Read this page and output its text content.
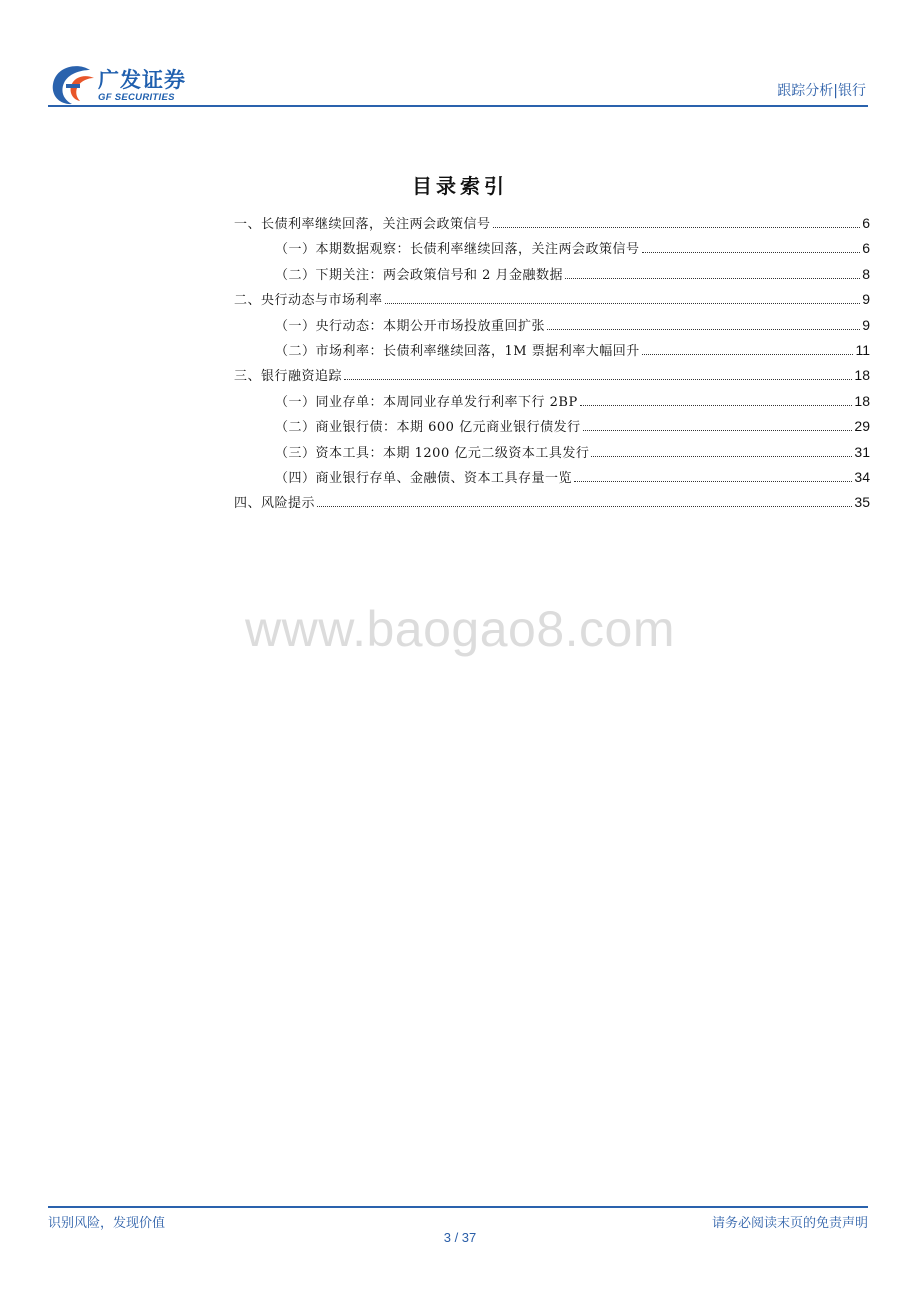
广发证券
GF SECURITIES	跟踪分析|银行
目录索引
一、长债利率继续回落，关注两会政策信号	6
（一）本期数据观察：长债利率继续回落，关注两会政策信号	6
（二）下期关注：两会政策信号和 2 月金融数据	8
二、央行动态与市场利率	9
（一）央行动态：本期公开市场投放重回扩张	9
（二）市场利率：长债利率继续回落，1M 票据利率大幅回升	11
三、银行融资追踪	18
（一）同业存单：本周同业存单发行利率下行 2BP	18
（二）商业银行债：本期 600 亿元商业银行债发行	29
（三）资本工具：本期 1200 亿元二级资本工具发行	31
（四）商业银行存单、金融债、资本工具存量一览	34
四、风险提示	35
www.baogao8.com
识别风险，发现价值	请务必阅读末页的免责声明
3 / 37
